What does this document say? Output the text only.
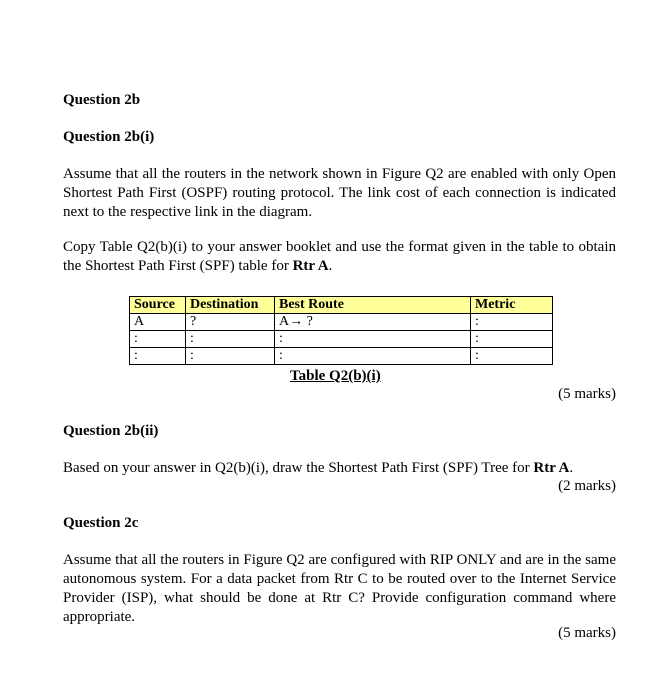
Question 2b
Question 2b(i)
Assume that all the routers in the network shown in Figure Q2 are enabled with only Open Shortest Path First (OSPF) routing protocol. The link cost of each connection is indicated next to the respective link in the diagram.
Copy Table Q2(b)(i) to your answer booklet and use the format given in the table to obtain the Shortest Path First (SPF) table for Rtr A.
Source	Destination	Best Route	Metric
A	?	A→ ?	:
:	:	:	:
:	:	:	:
Table Q2(b)(i)
(5 marks)
Question 2b(ii)
Based on your answer in Q2(b)(i), draw the Shortest Path First (SPF) Tree for Rtr A.
(2 marks)
Question 2c
Assume that all the routers in Figure Q2 are configured with RIP ONLY and are in the same autonomous system. For a data packet from Rtr C to be routed over to the Internet Service Provider (ISP), what should be done at Rtr C? Provide configuration command where appropriate.
(5 marks)
